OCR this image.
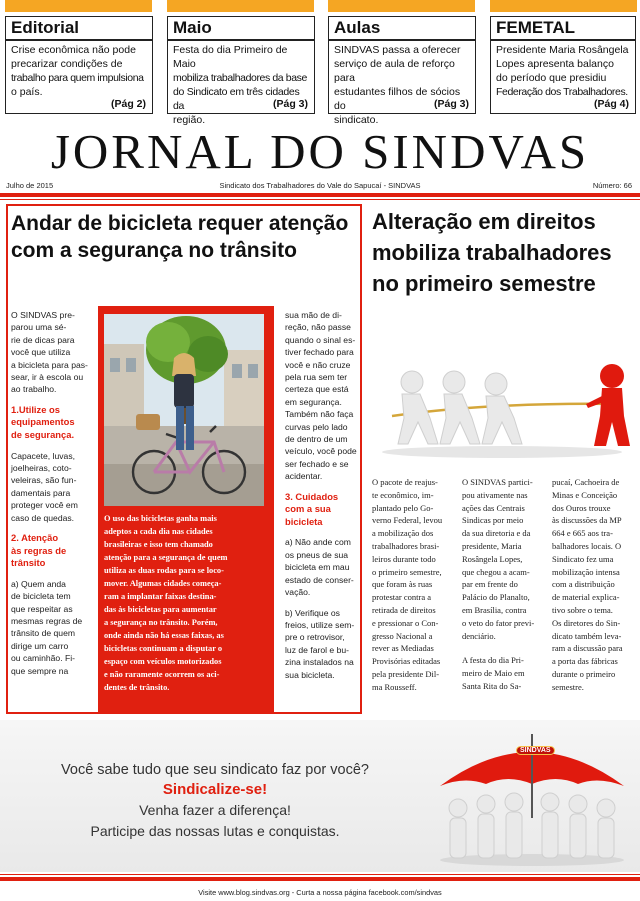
Editorial
Crise econômica não pode
precarizar condições de
trabalho para quem impulsiona
o país.
(Pág 2)
Maio
Festa do dia Primeiro de Maio
mobiliza trabalhadores da base
do Sindicato em três cidades da
região.
(Pág 3)
Aulas
SINDVAS passa a oferecer
serviço de aula de reforço para
estudantes filhos de sócios do
sindicato.
(Pág 3)
FEMETAL
Presidente Maria Rosângela
Lopes apresenta balanço
do período que presidiu
Federação dos Trabalhadores.
(Pág 4)
JORNAL DO SINDVAS
Julho de 2015	Sindicato dos Trabalhadores do Vale do Sapucaí - SINDVAS	Número: 66
Andar de bicicleta requer atenção com a segurança no trânsito

O SINDVAS pre-
parou uma sé-
rie de dicas para
você que utiliza
a bicicleta para pas-
sear, ir à escola ou
ao trabalho.

1.Utilize os
equipamentos
de segurança.

Capacete, luvas,
joelheiras, coto-
veleiras, são fun-
damentais para
proteger você em
caso de quedas.

2. Atenção
às regras de
trânsito

a) Quem anda
de bicicleta tem
que respeitar as
mesmas regras de
trânsito de quem
dirige um carro
ou caminhão. Fi-
que sempre na

O uso das bicicletas ganha mais
adeptos a cada dia nas cidades
brasileiras e isso tem chamado
atenção para a segurança de quem
utiliza as duas rodas para se loco-
mover. Algumas cidades começa-
ram a implantar faixas destina-
das às bicicletas para aumentar
a segurança no trânsito. Porém,
onde ainda não há essas faixas, as
bicicletas continuam a disputar o
espaço com veículos motorizados
e não raramente ocorrem os aci-
dentes de trânsito.

sua mão de di-
reção, não passe
quando o sinal es-
tiver fechado para
você e não cruze
pela rua sem ter
certeza que está
em segurança.
Também não faça
curvas pelo lado
de dentro de um
veículo, você pode
ser fechado e se
acidentar.

3. Cuidados
com a sua
bicicleta

a) Não ande com
os pneus de sua
bicicleta em mau
estado de conser-
vação.

b) Verifique os
freios, utilize sem-
pre o retrovisor,
luz de farol e bu-
zina instalados na
sua bicicleta.

Alteração em direitos mobiliza trabalhadores no primeiro semestre

O pacote de reajus-
te econômico, im-
plantado pelo Go-
verno Federal, levou
a mobilização dos
trabalhadores brasi-
leiros durante todo
o primeiro semestre,
que foram às ruas
protestar contra a
retirada de direitos
e pressionar o Con-
gresso Nacional a
rever as Mediadas
Provisórias editadas
pela presidente Dil-
ma Rousseff.

O SINDVAS partici-
pou ativamente nas
ações das Centrais
Sindicas por meio
da sua diretoria e da
presidente, Maria
Rosângela Lopes,
que chegou a acam-
par em frente do
Palácio do Planalto,
em Brasília, contra
o veto do fator previ-
denciário.

A festa do dia Pri-
meiro de Maio em
Santa Rita do Sa-

pucaí, Cachoeira de
Minas e Conceição
dos Ouros trouxe
às discussões da MP
664 e 665 aos tra-
balhadores locais. O
Sindicato fez uma
mobilização intensa
com a distribuição
de material explica-
tivo sobre o tema.
Os diretores do Sin-
dicato também leva-
ram a discussão para
a porta das fábricas
durante o primeiro
semestre.

Você sabe tudo que seu sindicato faz por você?
Sindicalize-se!
Venha fazer a diferença!
Participe das nossas lutas e conquistas.
SINDVAS
Visite www.blog.sindvas.org - Curta a nossa página facebook.com/sindvas
